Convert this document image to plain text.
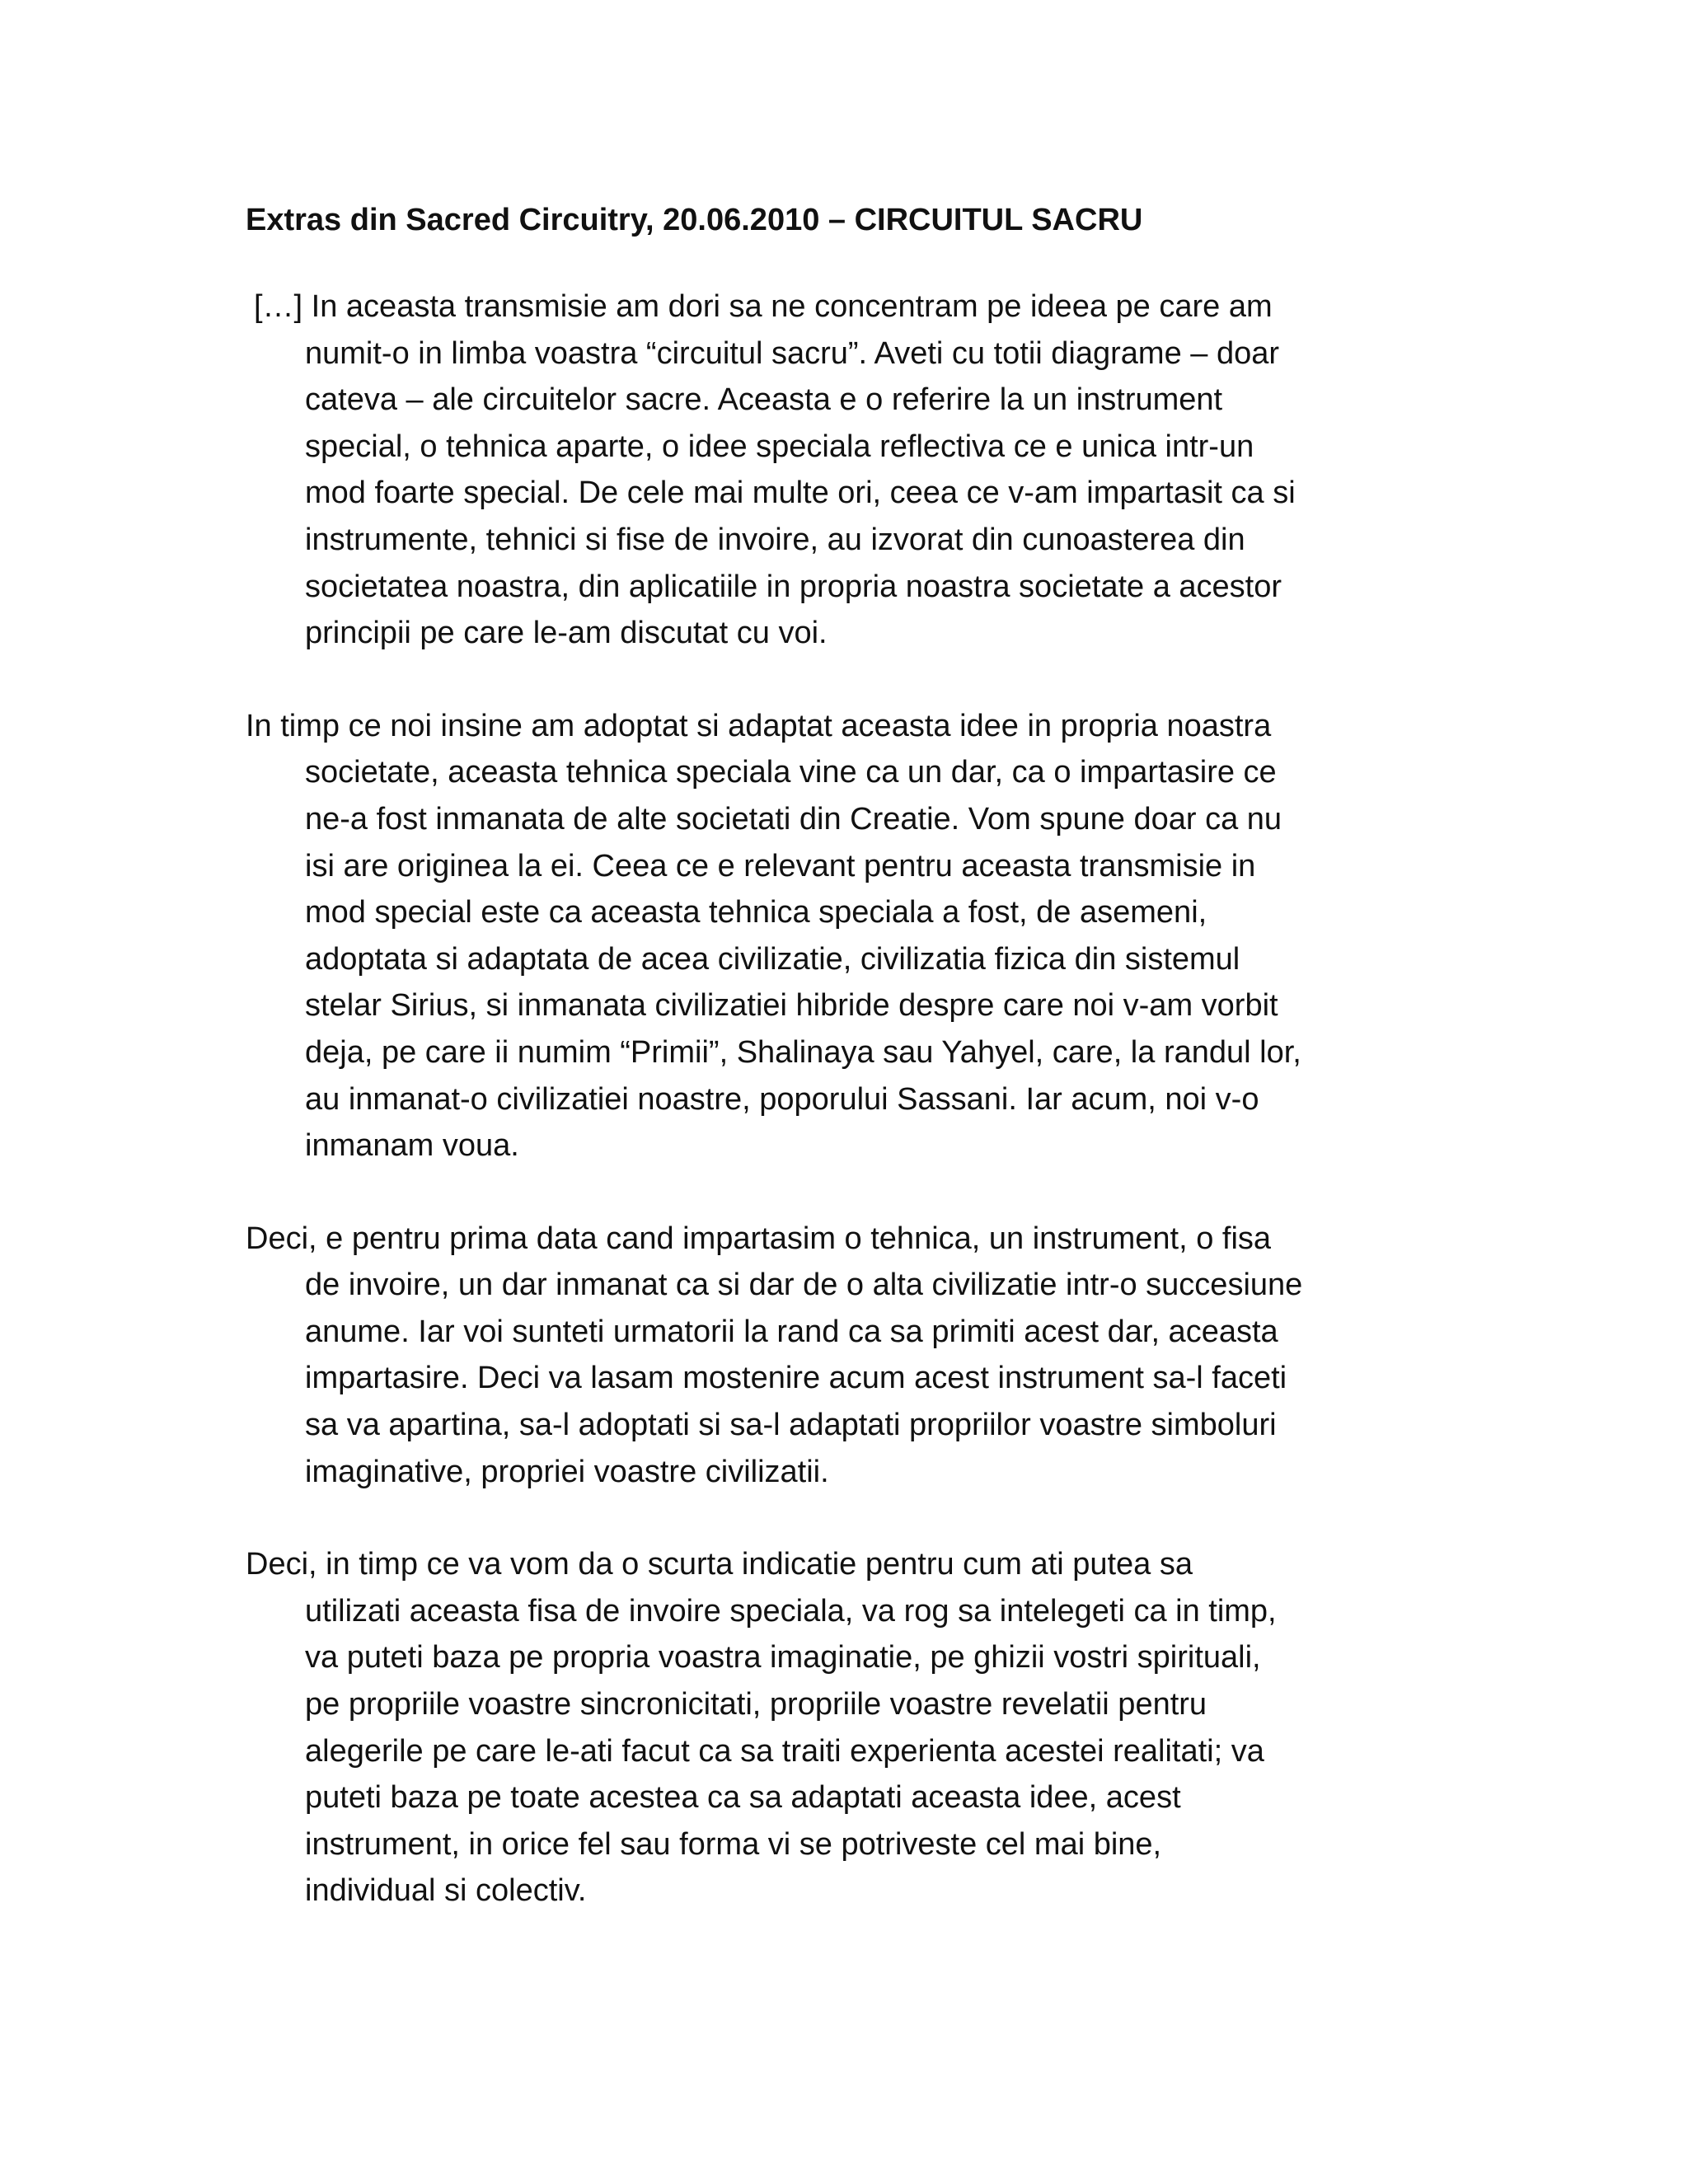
Extras din Sacred Circuitry, 20.06.2010 – CIRCUITUL SACRU

[…] In aceasta transmisie am dori sa ne concentram pe ideea pe care am
numit-o in limba voastra “circuitul sacru”. Aveti cu totii diagrame – doar
cateva – ale circuitelor sacre. Aceasta e o referire la un instrument
special, o tehnica aparte, o idee speciala reflectiva ce e unica intr-un
mod foarte special. De cele mai multe ori, ceea ce v-am impartasit ca si
instrumente, tehnici si fise de invoire, au izvorat din cunoasterea din
societatea noastra, din aplicatiile in propria noastra societate a acestor
principii pe care le-am discutat cu voi.

In timp ce noi insine am adoptat si adaptat aceasta idee in propria noastra
societate, aceasta tehnica speciala vine ca un dar, ca o impartasire ce
ne-a fost inmanata de alte societati din Creatie. Vom spune doar ca nu
isi are originea la ei. Ceea ce e relevant pentru aceasta transmisie in
mod special este ca aceasta tehnica speciala a fost, de asemeni,
adoptata si adaptata de acea civilizatie, civilizatia fizica din sistemul
stelar Sirius, si inmanata civilizatiei hibride despre care noi v-am vorbit
deja, pe care ii numim “Primii”, Shalinaya sau Yahyel, care, la randul lor,
au inmanat-o civilizatiei noastre, poporului Sassani. Iar acum, noi v-o
inmanam voua.

Deci, e pentru prima data cand impartasim o tehnica, un instrument, o fisa
de invoire, un dar inmanat ca si dar de o alta civilizatie intr-o succesiune
anume. Iar voi sunteti urmatorii la rand ca sa primiti acest dar, aceasta
impartasire. Deci va lasam mostenire acum acest instrument sa-l faceti
sa va apartina, sa-l adoptati si sa-l adaptati propriilor voastre simboluri
imaginative, propriei voastre civilizatii.

Deci, in timp ce va vom da o scurta indicatie pentru cum ati putea sa
utilizati aceasta fisa de invoire speciala, va rog sa intelegeti ca in timp,
va puteti baza pe propria voastra imaginatie, pe ghizii vostri spirituali,
pe propriile voastre sincronicitati, propriile voastre revelatii pentru
alegerile pe care le-ati facut ca sa traiti experienta acestei realitati; va
puteti baza pe toate acestea ca sa adaptati aceasta idee, acest
instrument, in orice fel sau forma vi se potriveste cel mai bine,
individual si colectiv.
